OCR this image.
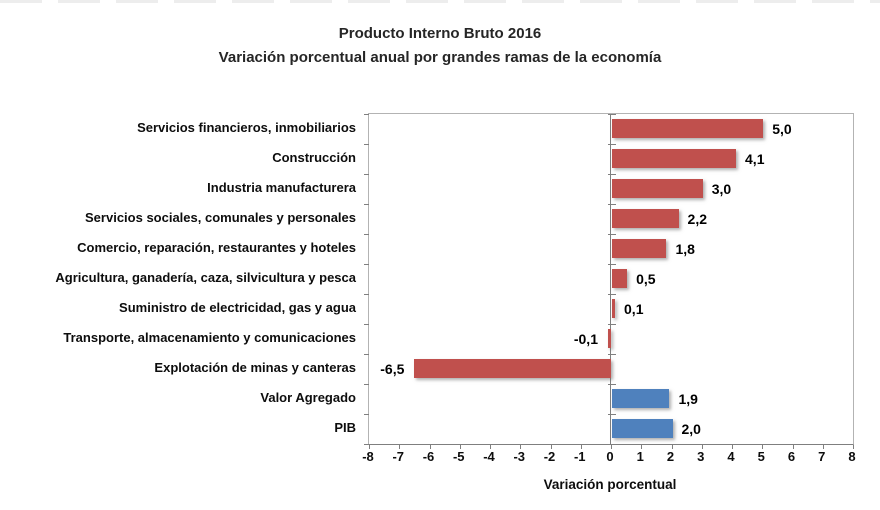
Producto Interno Bruto 2016
Variación porcentual anual por grandes ramas de la economía
Servicios financieros, inmobiliarios
Construcción
Industria manufacturera
Servicios sociales, comunales y personales
Comercio, reparación, restaurantes y hoteles
Agricultura, ganadería, caza, silvicultura y pesca
Suministro de electricidad, gas y agua
Transporte, almacenamiento y comunicaciones
Explotación de minas y canteras
Valor Agregado
PIB
5,0
4,1
3,0
2,2
1,8
0,5
0,1
-0,1
-6,5
1,9
2,0
-8 -7 -6 -5 -4 -3 -2 -1 0 1 2 3 4 5 6 7 8
Variación porcentual
